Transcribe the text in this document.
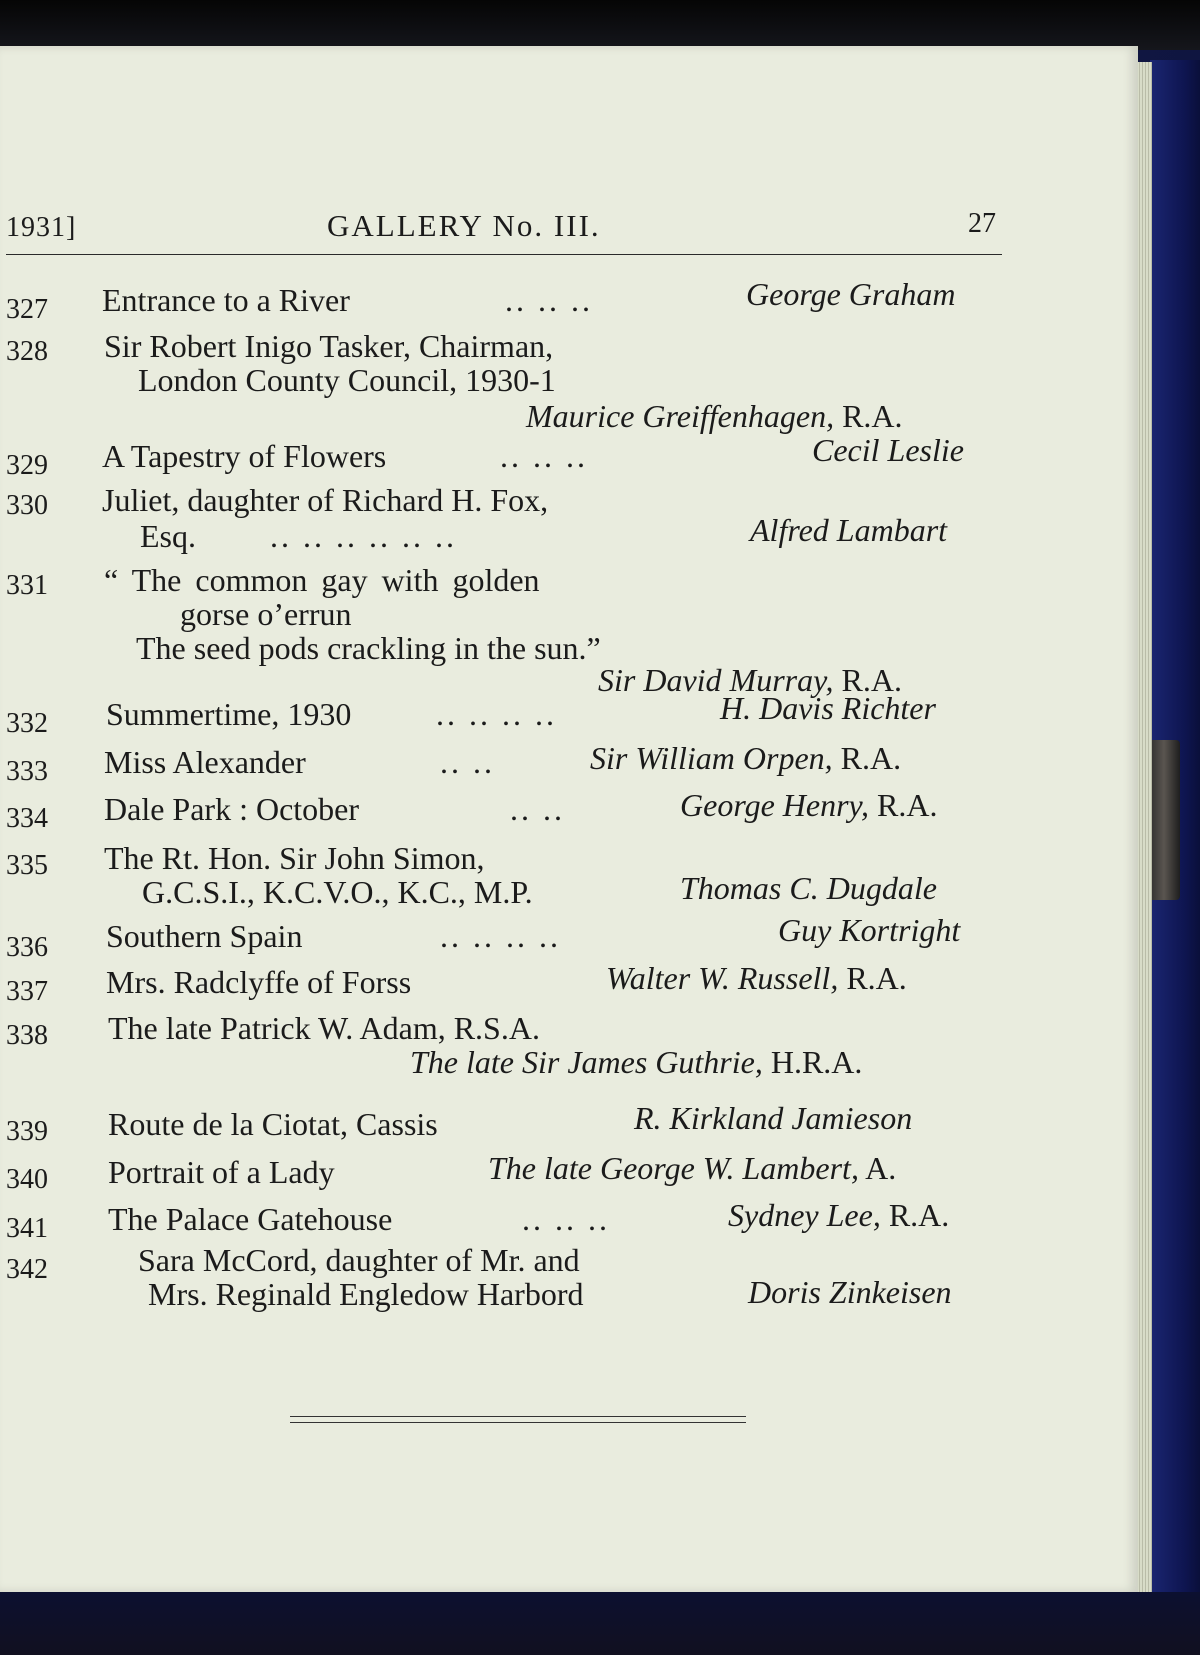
1931]	GALLERY No. III.	27
327 Entrance to a River	.. .. ..	George Graham
328 Sir Robert Inigo Tasker, Chairman,
London County Council, 1930-1
Maurice Greiffenhagen, R.A.
329 A Tapestry of Flowers	.. .. ..	Cecil Leslie
330 Juliet, daughter of Richard H. Fox,
Esq. .. .. .. .. .. ..	Alfred Lambart
331 “ The common gay with golden
gorse o’errun
The seed pods crackling in the sun.”
Sir David Murray, R.A.
332 Summertime, 1930	.. .. .. ..	H. Davis Richter
333 Miss Alexander	.. ..	Sir William Orpen, R.A.
334 Dale Park : October	.. ..	George Henry, R.A.
335 The Rt. Hon. Sir John Simon,
G.C.S.I., K.C.V.O., K.C., M.P.	Thomas C. Dugdale
336 Southern Spain	.. .. .. ..	Guy Kortright
337 Mrs. Radclyffe of Forss	Walter W. Russell, R.A.
338 The late Patrick W. Adam, R.S.A.
The late Sir James Guthrie, H.R.A.
339 Route de la Ciotat, Cassis	R. Kirkland Jamieson
340 Portrait of a Lady	The late George W. Lambert, A.
341 The Palace Gatehouse	.. .. ..	Sydney Lee, R.A.
342	Sara McCord, daughter of Mr. and
Mrs. Reginald Engledow Harbord	Doris Zinkeisen
